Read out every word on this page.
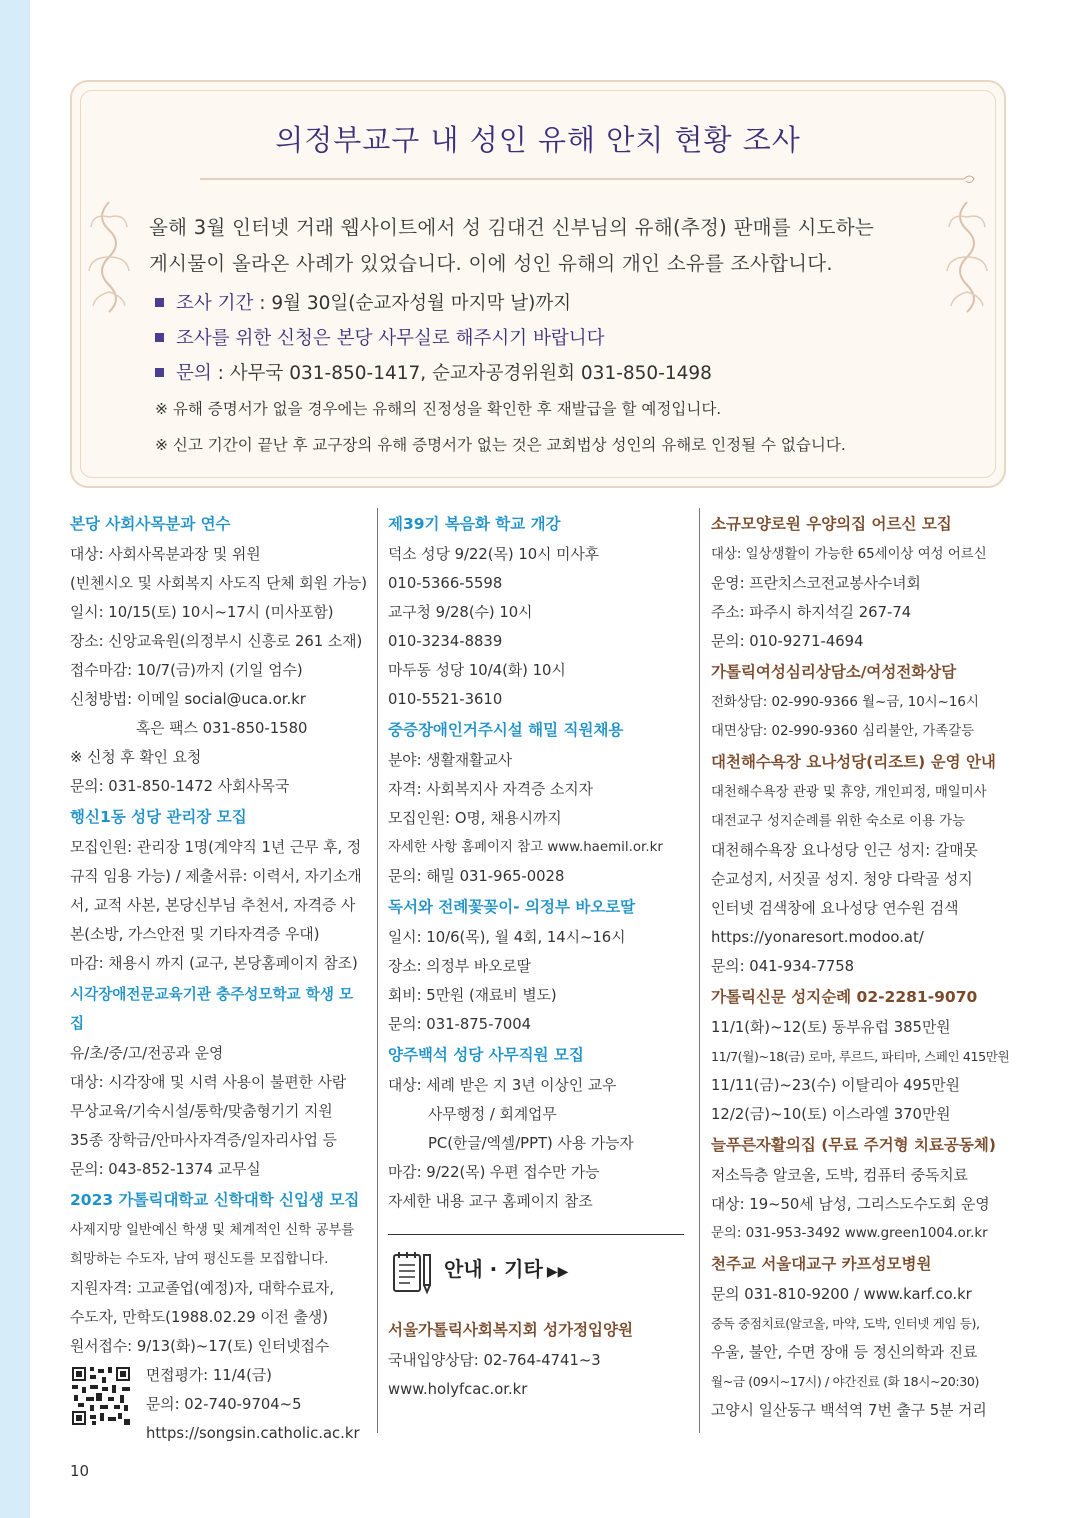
의정부교구 내 성인 유해 안치 현황 조사
올해 3월 인터넷 거래 웹사이트에서 성 김대건 신부님의 유해(추정) 판매를 시도하는
게시물이 올라온 사례가 있었습니다. 이에 성인 유해의 개인 소유를 조사합니다.
조사 기간 : 9월 30일(순교자성월 마지막 날)까지
조사를 위한 신청은 본당 사무실로 해주시기 바랍니다
문의 : 사무국 031-850-1417, 순교자공경위원회 031-850-1498
※ 유해 증명서가 없을 경우에는 유해의 진정성을 확인한 후 재발급을 할 예정입니다.
※ 신고 기간이 끝난 후 교구장의 유해 증명서가 없는 것은 교회법상 성인의 유해로 인정될 수 없습니다.
본당 사회사목분과 연수
대상: 사회사목분과장 및 위원
(빈첸시오 및 사회복지 사도직 단체 회원 가능)
일시: 10/15(토) 10시~17시 (미사포함)
장소: 신앙교육원(의정부시 신흥로 261 소재)
접수마감: 10/7(금)까지 (기일 엄수)
신청방법: 이메일 social@uca.or.kr
혹은 팩스 031-850-1580
※ 신청 후 확인 요청
문의: 031-850-1472 사회사목국
행신1동 성당 관리장 모집
모집인원: 관리장 1명(계약직 1년 근무 후, 정규직 임용 가능) / 제출서류: 이력서, 자기소개서, 교적 사본, 본당신부님 추천서, 자격증 사본(소방, 가스안전 및 기타자격증 우대)
마감: 채용시 까지 (교구, 본당홈페이지 참조)
시각장애전문교육기관 충주성모학교 학생 모집
유/초/중/고/전공과 운영
대상: 시각장애 및 시력 사용이 불편한 사람
무상교육/기숙시설/통학/맞춤형기기 지원
35종 장학금/안마사자격증/일자리사업 등
문의: 043-852-1374 교무실
2023 가톨릭대학교 신학대학 신입생 모집
사제지망 일반예신 학생 및 체계적인 신학 공부를
희망하는 수도자, 남여 평신도를 모집합니다.
지원자격: 고교졸업(예정)자, 대학수료자,
수도자, 만학도(1988.02.29 이전 출생)
원서접수: 9/13(화)~17(토) 인터넷접수
면접평가: 11/4(금)
문의: 02-740-9704~5
https://songsin.catholic.ac.kr
제39기 복음화 학교 개강
덕소 성당 9/22(목) 10시 미사후
010-5366-5598
교구청 9/28(수) 10시
010-3234-8839
마두동 성당 10/4(화) 10시
010-5521-3610
중증장애인거주시설 해밀 직원채용
분야: 생활재활교사
자격: 사회복지사 자격증 소지자
모집인원: O명, 채용시까지
자세한 사항 홈페이지 참고 www.haemil.or.kr
문의: 해밀 031-965-0028
독서와 전례꽃꽂이- 의정부 바오로딸
일시: 10/6(목), 월 4회, 14시~16시
장소: 의정부 바오로딸
회비: 5만원 (재료비 별도)
문의: 031-875-7004
양주백석 성당 사무직원 모집
대상: 세례 받은 지 3년 이상인 교우
사무행정 / 회계업무
PC(한글/엑셀/PPT) 사용 가능자
마감: 9/22(목) 우편 접수만 가능
자세한 내용 교구 홈페이지 참조
안내 · 기타 ▶▶
서울가톨릭사회복지회 성가정입양원
국내입양상담: 02-764-4741~3
www.holyfcac.or.kr
소규모양로원 우양의집 어르신 모집
대상: 일상생활이 가능한 65세이상 여성 어르신
운영: 프란치스코전교봉사수녀회
주소: 파주시 하지석길 267-74
문의: 010-9271-4694
가톨릭여성심리상담소/여성전화상담
전화상담: 02-990-9366 월~금, 10시~16시
대면상담: 02-990-9360 심리불안, 가족갈등
대천해수욕장 요나성당(리조트) 운영 안내
대천해수욕장 관광 및 휴양, 개인피정, 매일미사
대전교구 성지순례를 위한 숙소로 이용 가능
대천해수욕장 요나성당 인근 성지: 갈매못
순교성지, 서짓골 성지. 청양 다락골 성지
인터넷 검색창에 요나성당 연수원 검색
https://yonaresort.modoo.at/
문의: 041-934-7758
가톨릭신문 성지순례 02-2281-9070
11/1(화)~12(토) 동부유럽 385만원
11/7(월)~18(금) 로마, 루르드, 파티마, 스페인 415만원
11/11(금)~23(수) 이탈리아 495만원
12/2(금)~10(토) 이스라엘 370만원
늘푸른자활의집 (무료 주거형 치료공동체)
저소득층 알코올, 도박, 컴퓨터 중독치료
대상: 19~50세 남성, 그리스도수도회 운영
문의: 031-953-3492 www.green1004.or.kr
천주교 서울대교구 카프성모병원
문의 031-810-9200 / www.karf.co.kr
중독 중점치료(알코올, 마약, 도박, 인터넷 게임 등),
우울, 불안, 수면 장애 등 정신의학과 진료
월~금 (09시~17시) / 야간진료 (화 18시~20:30)
고양시 일산동구 백석역 7번 출구 5분 거리
10
